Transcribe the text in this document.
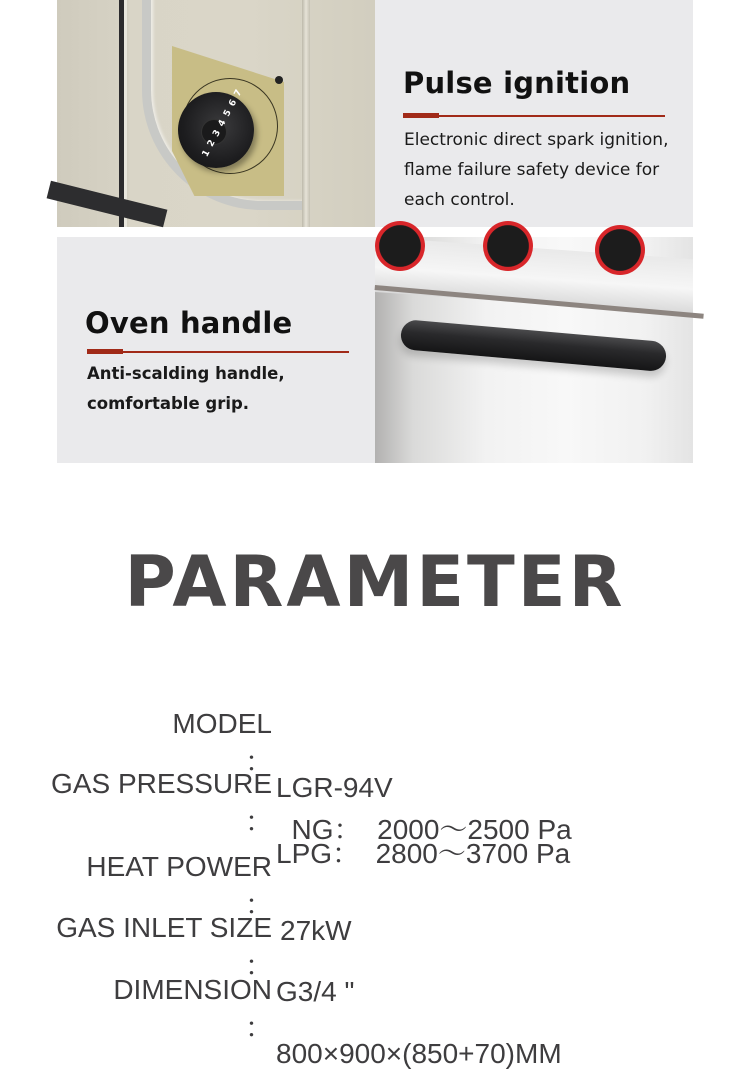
1 2 3 4 5 6 7
Pulse ignition
Electronic direct spark ignition,
flame failure safety device for
each control.
Oven handle
Anti-scalding handle,
comfortable grip.
PARAMETER

MODEL

：

LGR-94V

GAS PRESSURE

：

LPG：  2800～3700 Pa

NG：  2000～2500 Pa

HEAT POWER

：

27kW

GAS INLET SIZE

：

G3/4 "

DIMENSION

：

800×900×(850+70)MM
